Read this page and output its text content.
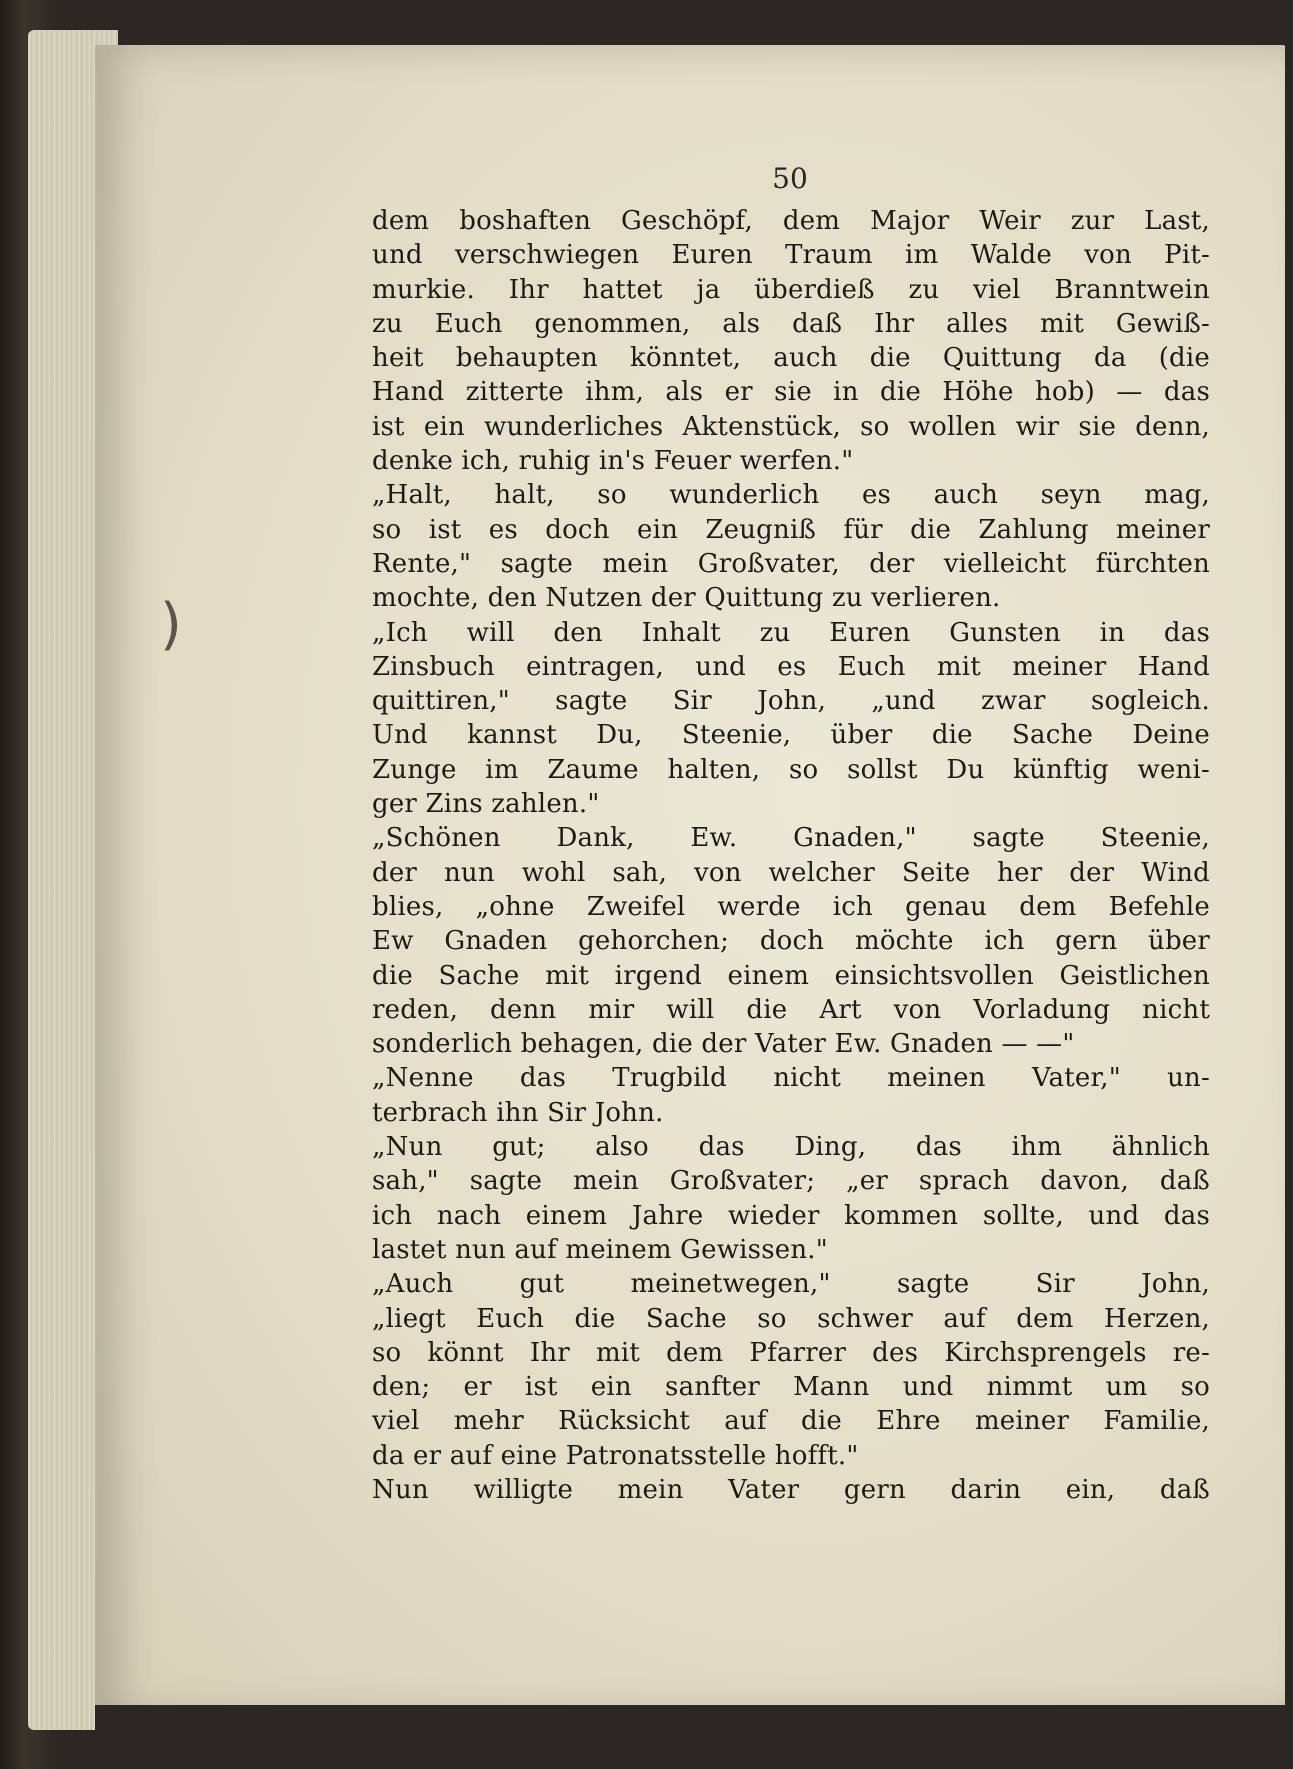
)

50

dem boshaften Geschöpf, dem Major Weir zur Last,
und verschwiegen Euren Traum im Walde von Pit-
murkie. Ihr hattet ja überdieß zu viel Branntwein
zu Euch genommen, als daß Ihr alles mit Gewiß-
heit behaupten könntet, auch die Quittung da (die
Hand zitterte ihm, als er sie in die Höhe hob) — das
ist ein wunderliches Aktenstück, so wollen wir sie denn,
denke ich, ruhig in's Feuer werfen."
„Halt, halt, so wunderlich es auch seyn mag,
so ist es doch ein Zeugniß für die Zahlung meiner
Rente," sagte mein Großvater, der vielleicht fürchten
mochte, den Nutzen der Quittung zu verlieren.
„Ich will den Inhalt zu Euren Gunsten in das
Zinsbuch eintragen, und es Euch mit meiner Hand
quittiren," sagte Sir John, „und zwar sogleich.
Und kannst Du, Steenie, über die Sache Deine
Zunge im Zaume halten, so sollst Du künftig weni-
ger Zins zahlen."
„Schönen Dank, Ew. Gnaden," sagte Steenie,
der nun wohl sah, von welcher Seite her der Wind
blies, „ohne Zweifel werde ich genau dem Befehle
Ew Gnaden gehorchen; doch möchte ich gern über
die Sache mit irgend einem einsichtsvollen Geistlichen
reden, denn mir will die Art von Vorladung nicht
sonderlich behagen, die der Vater Ew. Gnaden — —"
„Nenne das Trugbild nicht meinen Vater," un-
terbrach ihn Sir John.
„Nun gut; also das Ding, das ihm ähnlich
sah," sagte mein Großvater; „er sprach davon, daß
ich nach einem Jahre wieder kommen sollte, und das
lastet nun auf meinem Gewissen."
„Auch gut meinetwegen," sagte Sir John,
„liegt Euch die Sache so schwer auf dem Herzen,
so könnt Ihr mit dem Pfarrer des Kirchsprengels re-
den; er ist ein sanfter Mann und nimmt um so
viel mehr Rücksicht auf die Ehre meiner Familie,
da er auf eine Patronatsstelle hofft."
Nun willigte mein Vater gern darin ein, daß
